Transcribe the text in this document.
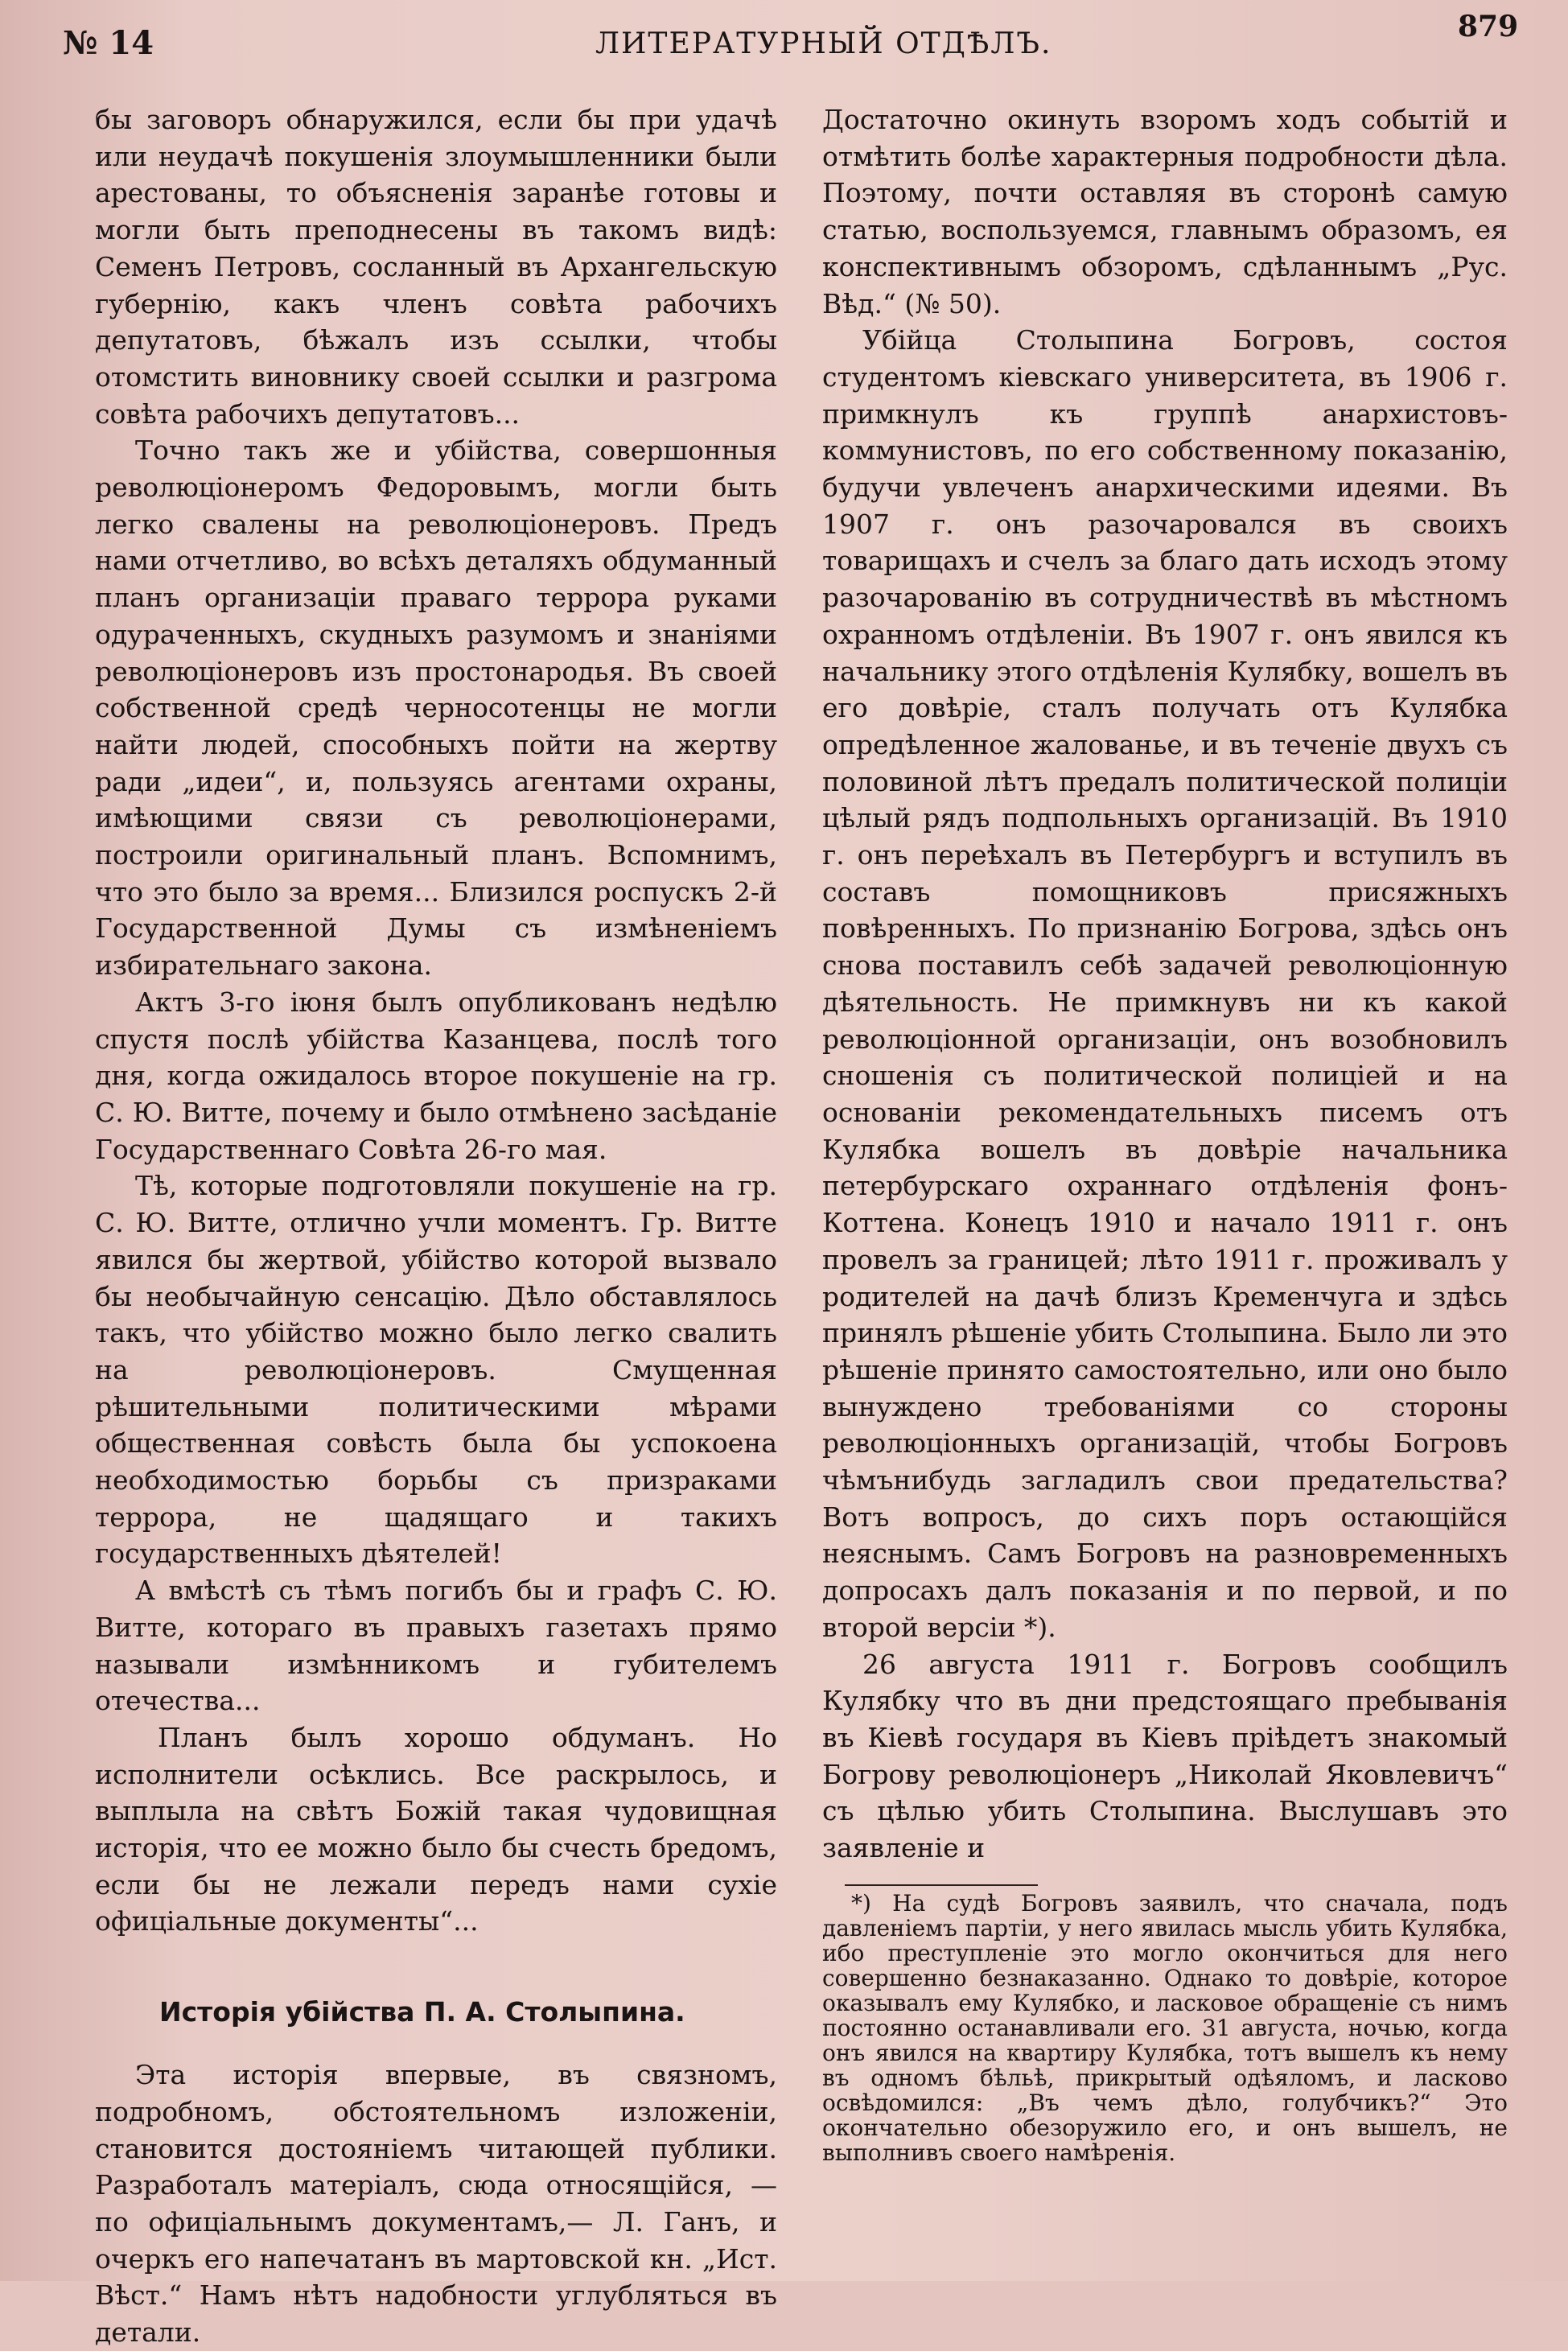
№ 14	ЛИТЕРАТУРНЫЙ ОТДѢЛЪ.
879

бы заговоръ обнаружился, если бы при удачѣ или неудачѣ покушенія злоумышленники были арестованы, то объясненія заранѣе готовы и могли быть преподнесены въ такомъ видѣ: Семенъ Петровъ, сосланный въ Архангельскую губернію, какъ членъ совѣта рабочихъ депутатовъ, бѣжалъ изъ ссылки, чтобы отомстить виновнику своей ссылки и разгрома совѣта рабочихъ депутатовъ...

Точно такъ же и убійства, совершонныя революціонеромъ Федоровымъ, могли быть легко свалены на революціонеровъ. Предъ нами отчетливо, во всѣхъ деталяхъ обдуманный планъ организаціи праваго террора руками одураченныхъ, скудныхъ разумомъ и знаніями революціонеровъ изъ простонародья. Въ своей собственной средѣ черносотенцы не могли найти людей, способныхъ пойти на жертву ради „идеи“, и, пользуясь агентами охраны, имѣющими связи съ революціонерами, построили оригинальный планъ. Вспомнимъ, что это было за время... Близился роспускъ 2-й Государственной Думы съ измѣненіемъ избирательнаго закона.

Актъ 3-го іюня былъ опубликованъ недѣлю спустя послѣ убійства Казанцева, послѣ того дня, когда ожидалось второе покушеніе на гр. С. Ю. Витте, почему и было отмѣнено засѣданіе Государственнаго Совѣта 26-го мая.

Тѣ, которые подготовляли покушеніе на гр. С. Ю. Витте, отлично учли моментъ. Гр. Витте явился бы жертвой, убійство которой вызвало бы необычайную сенсацію. Дѣло обставлялось такъ, что убійство можно было легко свалить на революціонеровъ. Смущенная рѣшительными политическими мѣрами общественная совѣсть была бы успокоена необходимостью борьбы съ призраками террора, не щадящаго и такихъ государственныхъ дѣятелей!

А вмѣстѣ съ тѣмъ погибъ бы и графъ С. Ю. Витте, котораго въ правыхъ газетахъ прямо называли измѣнникомъ и губителемъ отечества...

Планъ былъ хорошо обдуманъ. Но исполнители осѣклись. Все раскрылось, и выплыла на свѣтъ Божій такая чудовищная исторія, что ее можно было бы счесть бредомъ, если бы не лежали передъ нами сухіе офиціальные документы“...

Исторія убійства П. А. Столыпина.

Эта исторія впервые, въ связномъ, подробномъ, обстоятельномъ изложеніи, становится достояніемъ читающей публики. Разработалъ матеріалъ, сюда относящійся, — по офиціальнымъ документамъ,— Л. Ганъ, и очеркъ его напечатанъ въ мартовской кн. „Ист. Вѣст.“ Намъ нѣтъ надобности углубляться въ детали.

Достаточно окинуть взоромъ ходъ событій и отмѣтить болѣе характерныя подробности дѣла. Поэтому, почти оставляя въ сторонѣ самую статью, воспользуемся, главнымъ образомъ, ея конспективнымъ обзоромъ, сдѣланнымъ „Рус. Вѣд.“ (№ 50).

Убійца Столыпина Богровъ, состоя студентомъ кіевскаго университета, въ 1906 г. примкнулъ къ группѣ анархистовъ-коммунистовъ, по его собственному показанію, будучи увлеченъ анархическими идеями. Въ 1907 г. онъ разочаровался въ своихъ товарищахъ и счелъ за благо дать исходъ этому разочарованію въ сотрудничествѣ въ мѣстномъ охранномъ отдѣленіи. Въ 1907 г. онъ явился къ начальнику этого отдѣленія Кулябку, вошелъ въ его довѣріе, сталъ получать отъ Кулябка опредѣленное жалованье, и въ теченіе двухъ съ половиной лѣтъ предалъ политической полиціи цѣлый рядъ подпольныхъ организацій. Въ 1910 г. онъ переѣхалъ въ Петербургъ и вступилъ въ составъ помощниковъ присяжныхъ повѣренныхъ. По признанію Богрова, здѣсь онъ снова поставилъ себѣ задачей революціонную дѣятельность. Не примкнувъ ни къ какой революціонной организаціи, онъ возобновилъ сношенія съ политической полиціей и на основаніи рекомендательныхъ писемъ отъ Кулябка вошелъ въ довѣріе начальника петербурскаго охраннаго отдѣленія фонъ-Коттена. Конецъ 1910 и начало 1911 г. онъ провелъ за границей; лѣто 1911 г. проживалъ у родителей на дачѣ близъ Кременчуга и здѣсь принялъ рѣшеніе убить Столыпина. Было ли это рѣшеніе принято самостоятельно, или оно было вынуждено требованіями со стороны революціонныхъ организацій, чтобы Богровъ чѣмънибудь загладилъ свои предательства? Вотъ вопросъ, до сихъ поръ остающійся неяснымъ. Самъ Богровъ на разновременныхъ допросахъ далъ показанія и по первой, и по второй версіи *).

26 августа 1911 г. Богровъ сообщилъ Кулябку что въ дни предстоящаго пребыванія въ Кіевѣ государя въ Кіевъ пріѣдетъ знакомый Богрову революціонеръ „Николай Яковлевичъ“ съ цѣлью убить Столыпина. Выслушавъ это заявленіе и

*) На судѣ Богровъ заявилъ, что сначала, подъ давленіемъ партіи, у него явилась мысль убить Кулябка, ибо преступленіе это могло окончиться для него совершенно безнаказанно. Однако то довѣріе, которое оказывалъ ему Кулябко, и ласковое обращеніе съ нимъ постоянно останавливали его. 31 августа, ночью, когда онъ явился на квартиру Кулябка, тотъ вышелъ къ нему въ одномъ бѣльѣ, прикрытый одѣяломъ, и ласково освѣдомился: „Въ чемъ дѣло, голубчикъ?“ Это окончательно обезоружило его, и онъ вышелъ, не выполнивъ своего намѣренія.
